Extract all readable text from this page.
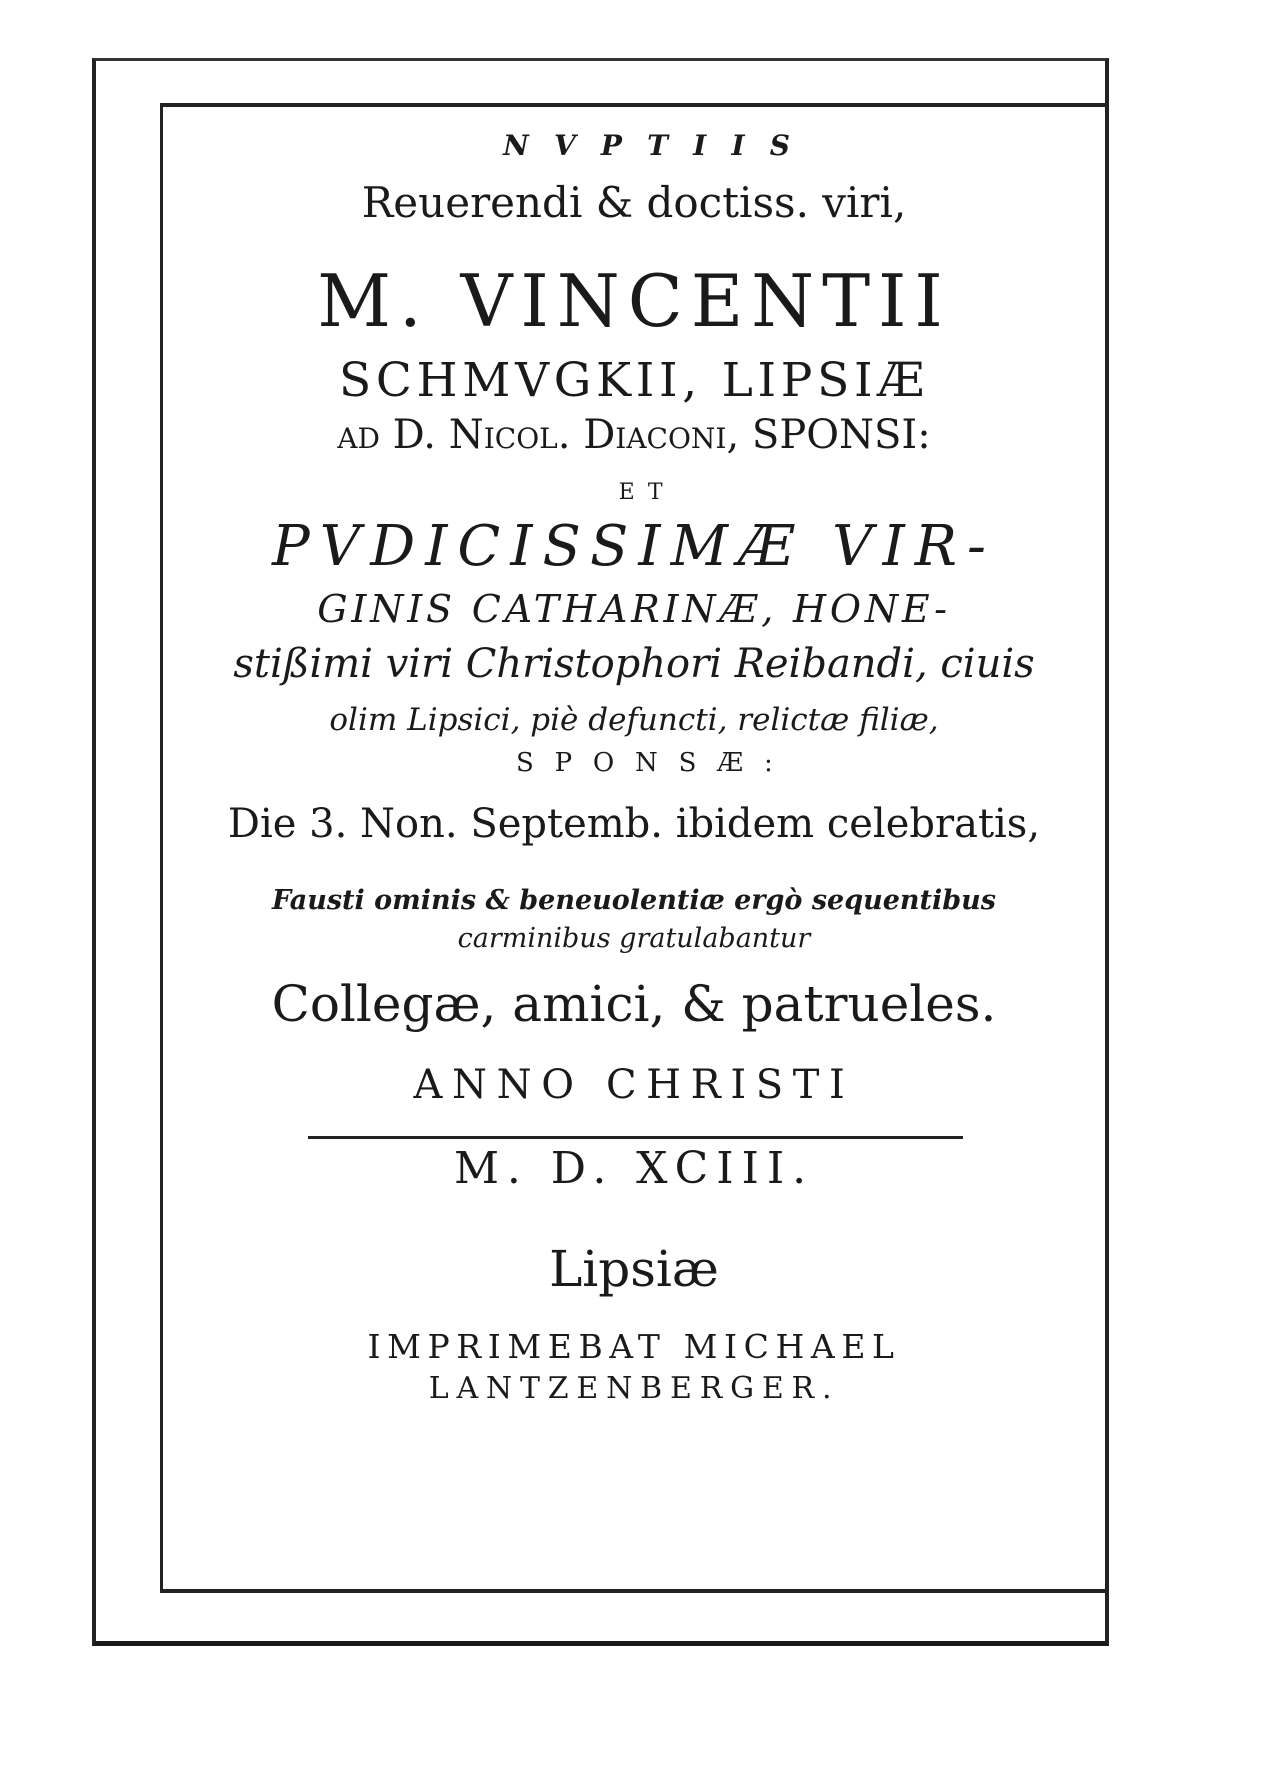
NVPTIIS
Reuerendi & doctiss. viri,
M. VINCENTII
SCHMVGKII, LIPSIÆ
ad D. Nicol. Diaconi, SPONSI:
ET
PVDICISSIMÆ VIR-
GINIS CATHARINÆ, HONE-
stißimi viri Christophori Reibandi, ciuis
olim Lipsici, piè defuncti, relictæ filiæ,
SPONSÆ:
Die 3. Non. Septemb. ibidem celebratis,
Fausti ominis & beneuolentiæ ergò sequentibus
carminibus gratulabantur
Collegæ, amici, & patrueles.
ANNO CHRISTI
M. D. XCIII.
Lipsiæ
IMPRIMEBAT MICHAEL
LANTZENBERGER.
